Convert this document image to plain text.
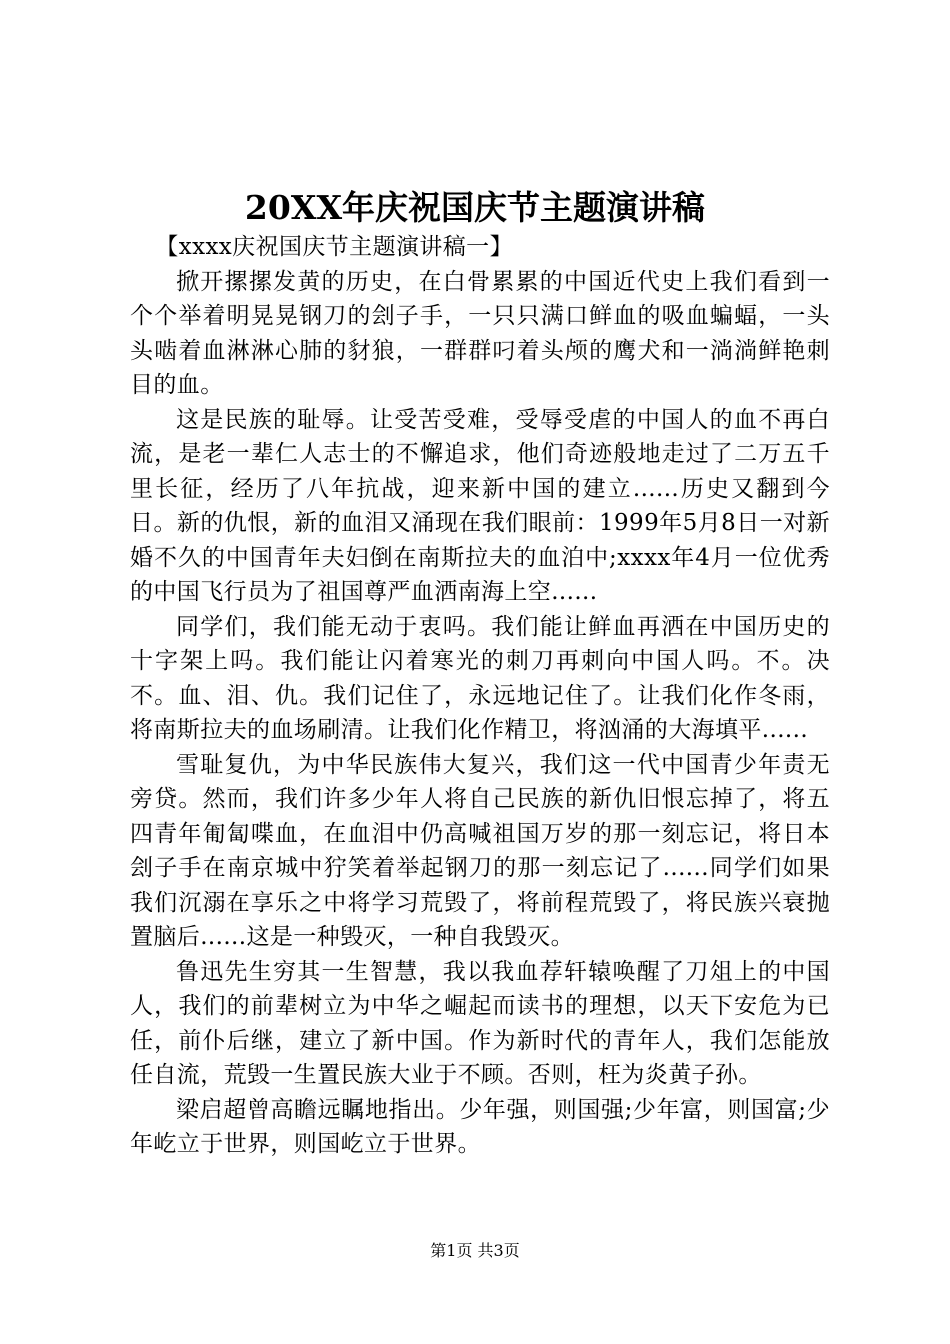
20XX年庆祝国庆节主题演讲稿

【xxxx庆祝国庆节主题演讲稿一】

掀开摞摞发黄的历史，在白骨累累的中国近代史上我们看到一个个举着明晃晃钢刀的刽子手，一只只满口鲜血的吸血蝙蝠，一头头啮着血淋淋心肺的豺狼，一群群叼着头颅的鹰犬和一淌淌鲜艳刺目的血。

这是民族的耻辱。让受苦受难，受辱受虐的中国人的血不再白流，是老一辈仁人志士的不懈追求，他们奇迹般地走过了二万五千里长征，经历了八年抗战，迎来新中国的建立......历史又翻到今日。新的仇恨，新的血泪又涌现在我们眼前：1999年5月8日一对新婚不久的中国青年夫妇倒在南斯拉夫的血泊中;xxxx年4月一位优秀的中国飞行员为了祖国尊严血洒南海上空......

同学们，我们能无动于衷吗。我们能让鲜血再洒在中国历史的十字架上吗。我们能让闪着寒光的刺刀再刺向中国人吗。不。决不。血、泪、仇。我们记住了，永远地记住了。让我们化作冬雨，将南斯拉夫的血场刷清。让我们化作精卫，将汹涌的大海填平......

雪耻复仇，为中华民族伟大复兴，我们这一代中国青少年责无旁贷。然而，我们许多少年人将自己民族的新仇旧恨忘掉了，将五四青年匍匐喋血，在血泪中仍高喊祖国万岁的那一刻忘记，将日本刽子手在南京城中狞笑着举起钢刀的那一刻忘记了......同学们如果我们沉溺在享乐之中将学习荒毁了，将前程荒毁了，将民族兴衰抛置脑后......这是一种毁灭，一种自我毁灭。

鲁迅先生穷其一生智慧，我以我血荐轩辕唤醒了刀俎上的中国人，我们的前辈树立为中华之崛起而读书的理想，以天下安危为已任，前仆后继，建立了新中国。作为新时代的青年人，我们怎能放任自流，荒毁一生置民族大业于不顾。否则，枉为炎黄子孙。

梁启超曾高瞻远瞩地指出。少年强，则国强;少年富，则国富;少年屹立于世界，则国屹立于世界。

第1页 共3页
